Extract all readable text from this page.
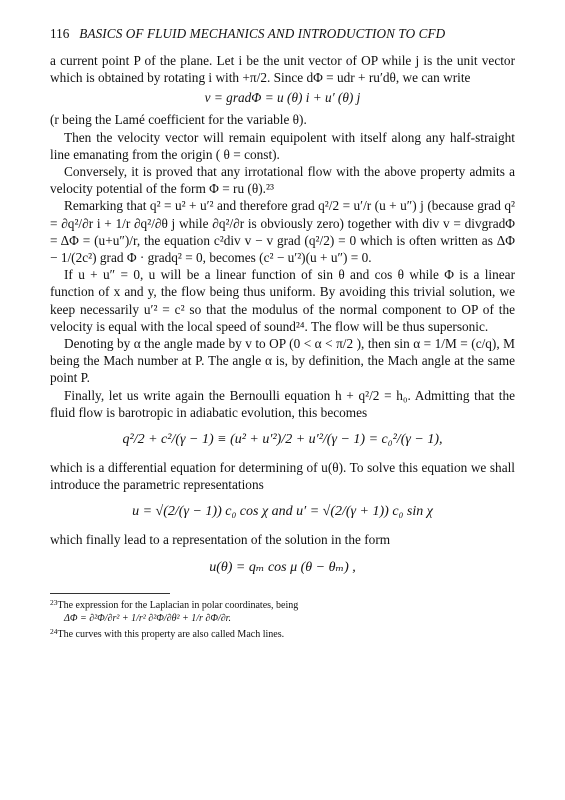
116 BASICS OF FLUID MECHANICS AND INTRODUCTION TO CFD

a current point P of the plane. Let i be the unit vector of OP while j is the unit vector which is obtained by rotating i with +π/2. Since dΦ = udr + ru′dθ, we can write

v = gradΦ = u (θ) i + u′ (θ) j

(r being the Lamé coefficient for the variable θ).

Then the velocity vector will remain equipolent with itself along any half-straight line emanating from the origin ( θ = const).

Conversely, it is proved that any irrotational flow with the above property admits a velocity potential of the form Φ = ru (θ).²³

Remarking that q² = u² + u′² and therefore grad q²/2 = u′/r (u + u″) j (because grad q² = ∂q²/∂r i + 1/r ∂q²/∂θ j while ∂q²/∂r is obviously zero) together with div v = divgradΦ = ΔΦ = (u+u″)/r, the equation c²div v − v grad (q²/2) = 0 which is often written as ΔΦ − 1/(2c²) grad Φ · gradq² = 0, becomes (c² − u′²)(u + u″) = 0.

If u + u″ = 0, u will be a linear function of sin θ and cos θ while Φ is a linear function of x and y, the flow being thus uniform. By avoiding this trivial solution, we keep necessarily u′² = c² so that the modulus of the normal component to OP of the velocity is equal with the local speed of sound²⁴. The flow will be thus supersonic.

Denoting by α the angle made by v to OP (0 < α < π/2 ), then sin α = 1/M = (c/q), M being the Mach number at P. The angle α is, by definition, the Mach angle at the same point P.

Finally, let us write again the Bernoulli equation h + q²/2 = h₀. Admitting that the fluid flow is barotropic in adiabatic evolution, this becomes

q²/2 + c²/(γ − 1) ≡ (u² + u′²)/2 + u′²/(γ − 1) = c₀²/(γ − 1),

which is a differential equation for determining of u(θ). To solve this equation we shall introduce the parametric representations

u = √(2/(γ − 1)) c₀ cos χ and u′ = √(2/(γ + 1)) c₀ sin χ

which finally lead to a representation of the solution in the form

u(θ) = qₘ cos μ (θ − θₘ) ,
$^{23}$The expression for the Laplacian in polar coordinates, being
ΔΦ = ∂²Φ/∂r² + 1/r² ∂²Φ/∂θ² + 1/r ∂Φ/∂r.
$^{24}$The curves with this property are also called Mach lines.
